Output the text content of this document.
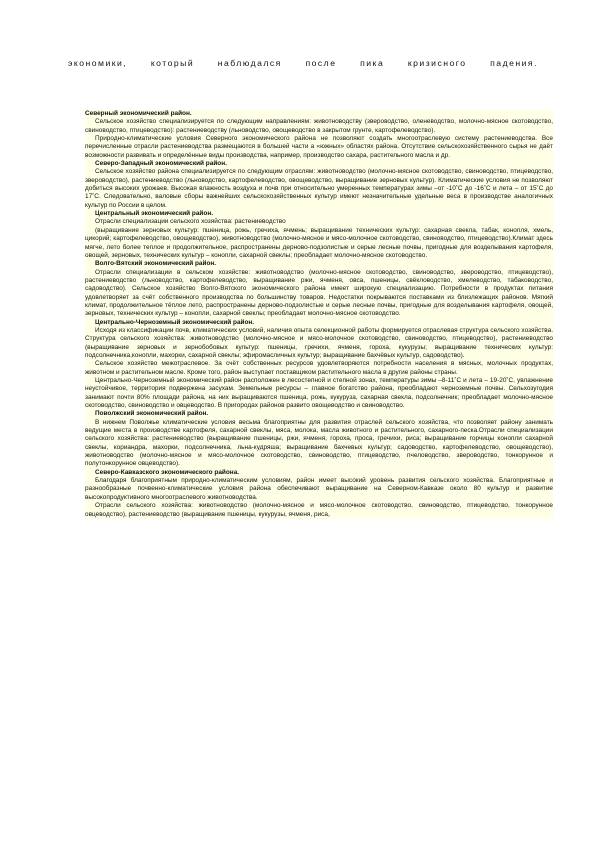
экономики,	который	наблюдался	после	пика	кризисного	падения.

Северный экономический район.

Сельское хозяйство специализируется по следующим направлениям: животноводству (звероводство, оленеводство, молочно-мясное скотоводство, свиноводство, птицеводство): растениеводству (льноводство, овощеводство в закрытом грунте, картофелеводство).

Природно-климатические условия Северного экономического района не позволяют создать многоотраслевую систему растениеводства. Все перечисленные отрасли растениеводства размещаются в большей части а «южных» областях района. Отсутствие сельскохозяйственного сырья не даёт возможности развивать и определённые виды производства, например, производство сахара, растительного масла и др.

Северо-Западный экономический район.

Сельское хозяйство района специализируется по следующим отраслям: животноводство (молочно-мясное скотоводство, свиноводство, птицеводство, звероводство), растениеводство (льноводство, картофелеводство, овощеводство, выращивание зерновых культур). Климатические условия не позволяют добиться высоких урожаев. Высокая влажность воздуха и почв при относительно умеренных температурах зимы –от -10˚С до -16˚С и лета – от 15˚С до 17˚С. Следовательно, валовые сборы важнейших сельскохозяйственных культур имеют незначительные удельные веса в производстве аналогичных культур по России в целом.

Центральный экономический район.

Отрасли специализации сельского хозяйства: растениеводство

(выращивание зерновых культур: пшеница, рожь, гречиха, ячмень; выращивание технических культур: сахарная свекла, табак, конопля, хмель, цикорий; картофелеводство, овощеводство), животноводство (молочно-мясное и мясо-молочное скотоводство, свиноводство, птицеводство).Климат здесь мягче, лето более теплое и продолжительное, распространены дерново-подзолистые и серые лесные почвы, пригодные для возделывания картофеля, овощей, зерновых, технических культур – конопли, сахарной свеклы; преобладает молочно-мясное скотоводство.

Волго-Вятский экономический район.

Отрасли специализации в сельском хозяйстве: животноводство (молочно-мясное скотоводство, свиноводство, звероводство, птицеводство), растениеводство (льноводство, картофелеводство, выращивание ржи, ячменя, овса, пшеницы, свёкловодство, хмелеводство, табаководство, садоводство). Сельское хозяйство Волго-Вятского экономического района имеет широкую специализацию. Потребности в продуктах питания удовлетворяет за счёт собственного производства по большинству товаров. Недостатки покрываются поставками из близлежащих районов. Мягкий климат, продолжительное тёплое лето, распространены дерново-подзолистые и серые лесные почвы, пригодные для возделывания картофеля, овощей, зерновых, технических культур – конопли, сахарной свеклы; преобладает молочно-мясное скотоводство.

Центрально-Черноземный экономический район.

Исходя из классификации почв, климатических условий, наличия опыта селекционной работы формируется отраслевая структура сельского хозяйства. Структура сельского хозяйства: животноводство (молочно-мясное и мясо-молочное скотоводство, свиноводство, птицеводство), растениеводство (выращивание зерновых и зернобобовых культур: пшеницы, гречихи, ячменя, гороха, кукурузы; выращивание технических культур: подсолнечника,конопли, махорки, сахарной свеклы; эфиромасличных культур; выращивание бахчёвых культур, садоводство).

Сельское хозяйство межотраслевое. За счёт собственных ресурсов удовлетворяются потребности населения в мясных, молочных продуктах, животном и растительном масле. Кроме того, район выступает поставщиком растительного масла в другие районы страны.

Центрально-Черноземный экономический район расположен в лесостепной и степной зонах, температуры зимы –8-11˚С и лета – 19-20˚С, увлажнение неустойчивое, территория подвержена засухам. Земельные ресурсы – главное богатство района, преобладают черноземные почвы. Сельхозугодия занимают почти 80% площади района, на них выращиваются пшеница, рожь, кукуруза, сахарная свекла, подсолнечник; преобладает молочно-мясное скотоводство, свиноводство и овцеводство. В пригородах районов развито овощеводство и свиноводство.

Поволжский экономический район.

В нижнем Поволжье климатические условия весьма благоприятны для развития отраслей сельского хозяйства, что позволяет району занимать ведущие места в производстве картофеля, сахарной свеклы, мяса, молока, масла животного и растительного, сахарного-песка.Отрасли специализации сельского хозяйства: растениеводство (выращивание пшеницы, ржи, ячменя, гороха, проса, гречихи, риса; выращивание горчицы конопли сахарной свеклы, кориандра, махорки, подсолнечника, льна-кудряша; выращивание бахчевых культур; садоводство, картофелеводство, овощеводство), животноводство (молочно-мясное и мясо-молочное скотоводство, свиноводство, птицеводство, пчеловодство, звероводство, тонкорунное и полутонкорунное овцеводство).

Северо-Кавказского экономического района.

Благодаря благоприятным природно-климатическим условиям, район имеет высокий уровень развития сельского хозяйства. Благоприятные и разнообразные почвенно-климатические условия района обеспечивают выращивание на Северном-Кавказе около 80 культур и развитие высокопродуктивного многоотраслевого животноводства.

Отрасли сельского хозяйства: животноводство (молочно-мясное и мясо-молочное скотоводство, свиноводство, птицеводство, тонкорунное овцеводство), растениеводство (выращивание пшеницы, кукурузы, ячменя, риса,
